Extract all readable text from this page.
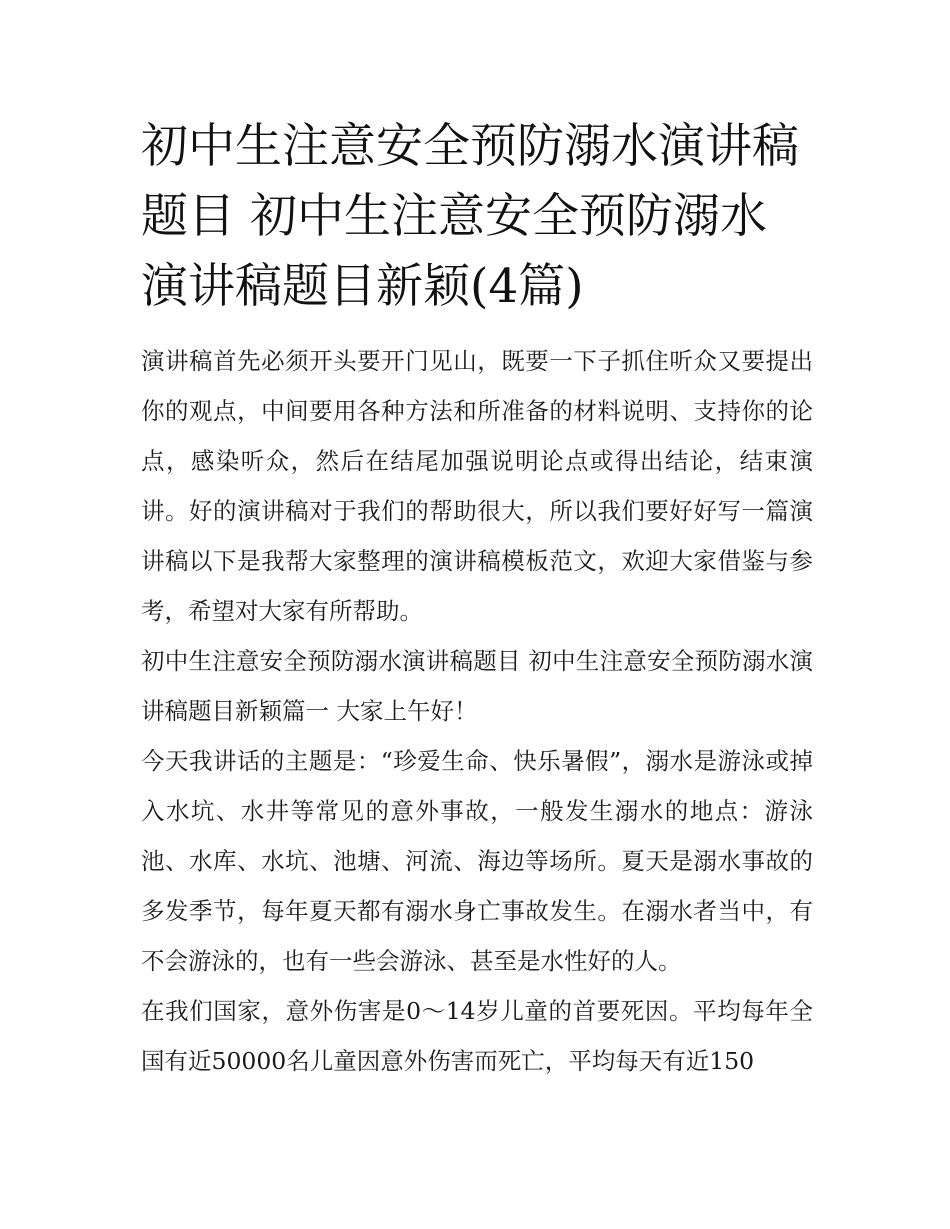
初中生注意安全预防溺水演讲稿题目 初中生注意安全预防溺水演讲稿题目新颖(4篇)

演讲稿首先必须开头要开门见山，既要一下子抓住听众又要提出你的观点，中间要用各种方法和所准备的材料说明、支持你的论点，感染听众，然后在结尾加强说明论点或得出结论，结束演讲。好的演讲稿对于我们的帮助很大，所以我们要好好写一篇演讲稿以下是我帮大家整理的演讲稿模板范文，欢迎大家借鉴与参考，希望对大家有所帮助。

初中生注意安全预防溺水演讲稿题目 初中生注意安全预防溺水演讲稿题目新颖篇一 大家上午好！

今天我讲话的主题是：“珍爱生命、快乐暑假”，溺水是游泳或掉入水坑、水井等常见的意外事故，一般发生溺水的地点：游泳池、水库、水坑、池塘、河流、海边等场所。夏天是溺水事故的多发季节，每年夏天都有溺水身亡事故发生。在溺水者当中，有不会游泳的，也有一些会游泳、甚至是水性好的人。

在我们国家，意外伤害是0～14岁儿童的首要死因。平均每年全国有近50000名儿童因意外伤害而死亡，平均每天有近150
